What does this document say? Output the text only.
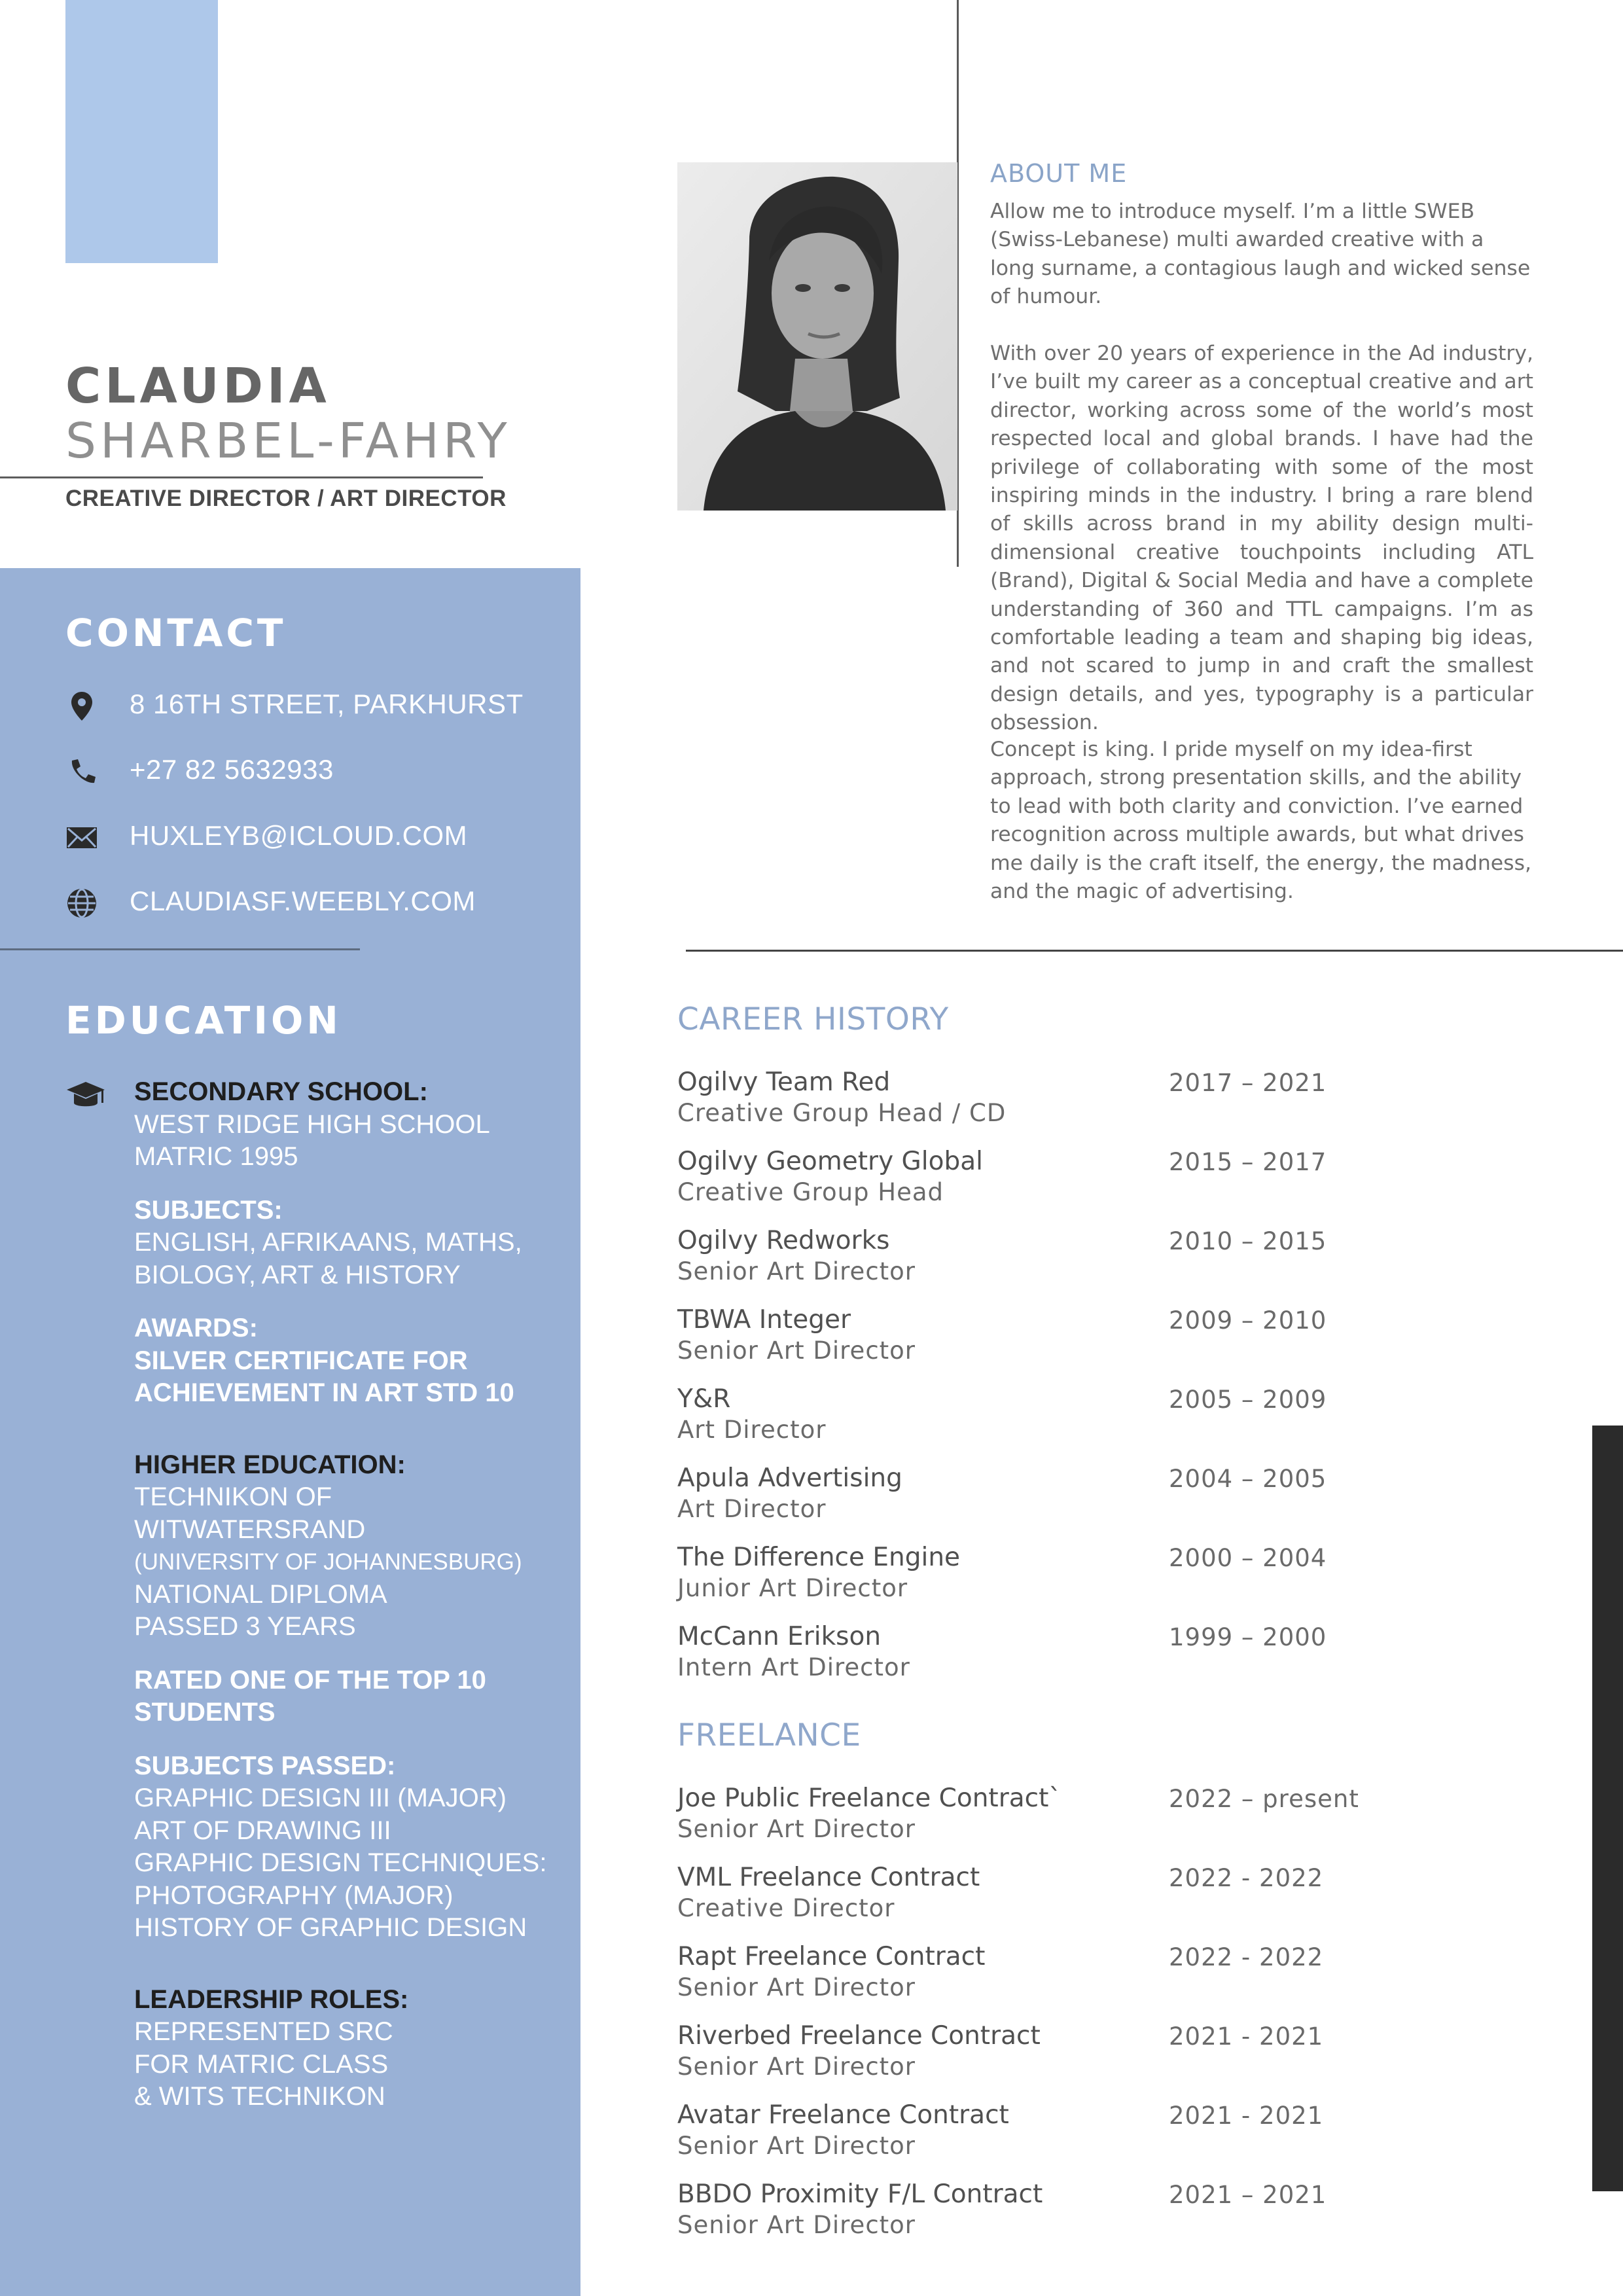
CLAUDIA
SHARBEL-FAHRY
CREATIVE DIRECTOR / ART DIRECTOR
ABOUT ME
Allow me to introduce myself. I’m a little SWEB (Swiss-Lebanese) multi awarded creative with a long surname, a contagious laugh and wicked sense of humour.
With over 20 years of experience in the Ad industry, I’ve built my career as a conceptual creative and art director, working across some of the world’s most respected local and global brands. I have had the privilege of collaborating with some of the most inspiring minds in the industry. I bring a rare blend of skills across brand in my ability design multi-dimensional creative touchpoints including ATL (Brand), Digital & Social Media and have a complete understanding of 360 and TTL campaigns. I’m as comfortable leading a team and shaping big ideas, and not scared to jump in and craft the smallest design details, and yes, typography is a particular obsession.
Concept is king. I pride myself on my idea-first approach, strong presentation skills, and the ability to lead with both clarity and conviction. I’ve earned recognition across multiple awards, but what drives me daily is the craft itself, the energy, the madness, and the magic of advertising.
CONTACT
8 16TH STREET, PARKHURST
+27 82 5632933
HUXLEYB@ICLOUD.COM
CLAUDIASF.WEEBLY.COM
EDUCATION
SECONDARY SCHOOL:
WEST RIDGE HIGH SCHOOL
MATRIC 1995
SUBJECTS:
ENGLISH, AFRIKAANS, MATHS,
BIOLOGY, ART & HISTORY
AWARDS:
SILVER CERTIFICATE FOR
ACHIEVEMENT IN ART STD 10
HIGHER EDUCATION:
TECHNIKON OF WITWATERSRAND
(UNIVERSITY OF JOHANNESBURG)
NATIONAL DIPLOMA
PASSED 3 YEARS
RATED ONE OF THE TOP 10
STUDENTS
SUBJECTS PASSED:
GRAPHIC DESIGN III (MAJOR)
ART OF DRAWING III
GRAPHIC DESIGN TECHNIQUES:
PHOTOGRAPHY (MAJOR)
HISTORY OF GRAPHIC DESIGN
LEADERSHIP ROLES:
REPRESENTED SRC
FOR MATRIC CLASS
& WITS TECHNIKON
CAREER HISTORY
Ogilvy Team Red
Creative Group Head / CD
2017 – 2021
Ogilvy Geometry Global
Creative Group Head
2015 – 2017
Ogilvy Redworks
Senior Art Director
2010 – 2015
TBWA Integer
Senior Art Director
2009 – 2010
Y&R
Art Director
2005 – 2009
Apula Advertising
Art Director
2004 – 2005
The Difference Engine
Junior Art Director
2000 – 2004
McCann Erikson
Intern Art Director
1999 – 2000
FREELANCE
Joe Public Freelance Contract`
Senior Art Director
2022 – present
VML Freelance Contract
Creative Director
2022 - 2022
Rapt Freelance Contract
Senior Art Director
2022 - 2022
Riverbed Freelance Contract
Senior Art Director
2021 - 2021
Avatar Freelance Contract
Senior Art Director
2021 - 2021
BBDO Proximity F/L Contract
Senior Art Director
2021 – 2021
